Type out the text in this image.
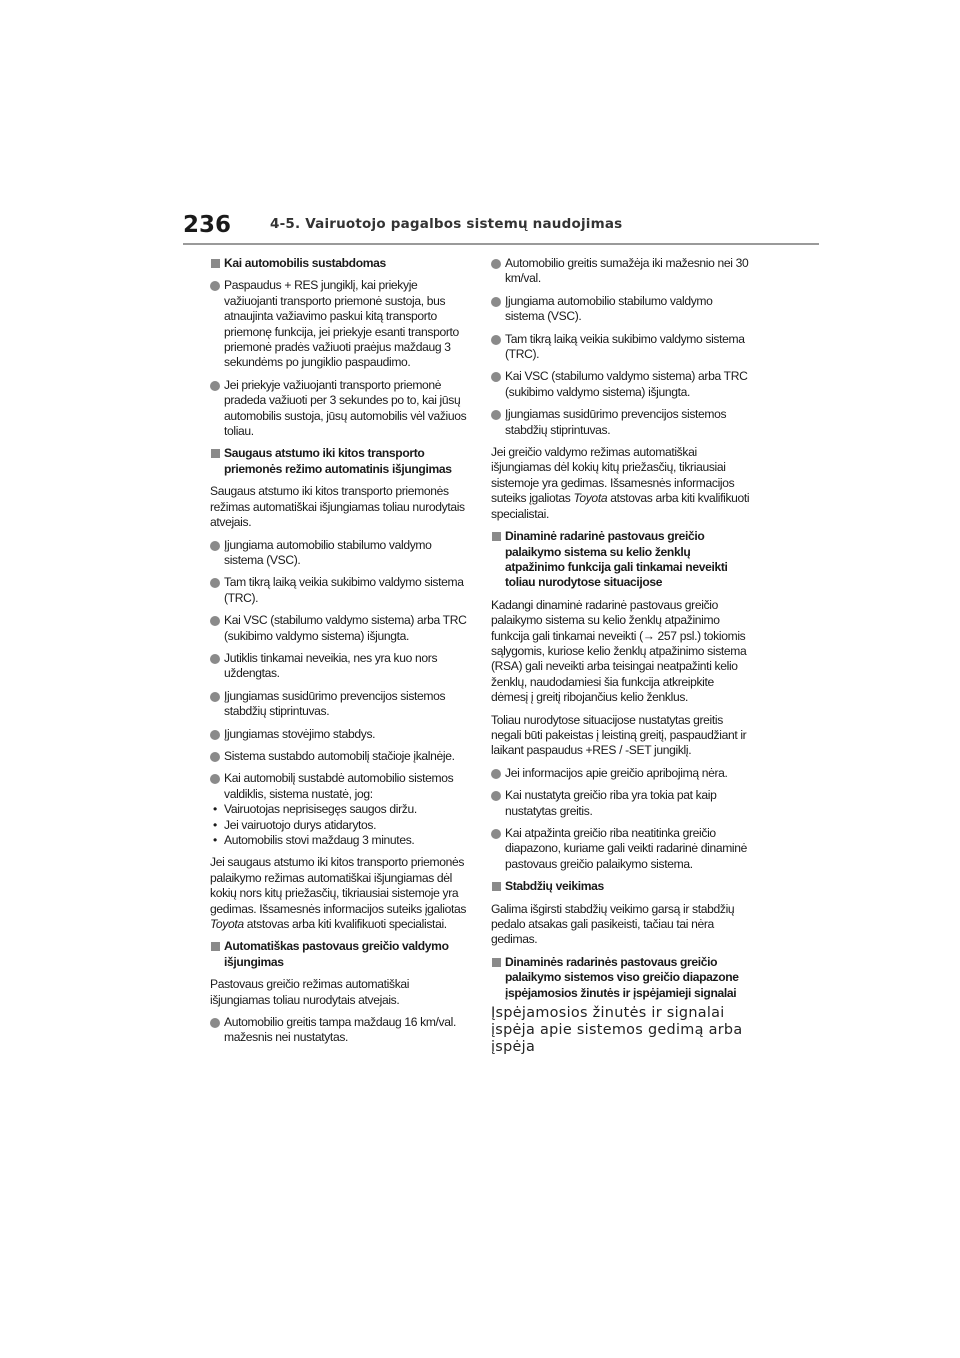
236	4-5. Vairuotojo pagalbos sistemų naudojimas
Kai automobilis sustabdomas
Paspaudus + RES jungiklį, kai priekyje važiuojanti transporto priemonė sustoja, bus atnaujinta važiavimo paskui kitą transporto priemonę funkcija, jei priekyje esanti transporto priemonė pradės važiuoti praėjus maždaug 3 sekundėms po jungiklio paspaudimo.
Jei priekyje važiuojanti transporto priemonė pradeda važiuoti per 3 sekundes po to, kai jūsų automobilis sustoja, jūsų automobilis vėl važiuos toliau.
Saugaus atstumo iki kitos transporto priemonės režimo automatinis išjungimas
Saugaus atstumo iki kitos transporto priemonės režimas automatiškai išjungiamas toliau nurodytais atvejais.
Įjungiama automobilio stabilumo valdymo sistema (VSC).
Tam tikrą laiką veikia sukibimo valdymo sistema (TRC).
Kai VSC (stabilumo valdymo sistema) arba TRC (sukibimo valdymo sistema) išjungta.
Jutiklis tinkamai neveikia, nes yra kuo nors uždengtas.
Įjungiamas susidūrimo prevencijos sistemos stabdžių stiprintuvas.
Įjungiamas stovėjimo stabdys.
Sistema sustabdo automobilį stačioje įkalnėje.
Kai automobilį sustabdė automobilio sistemos valdiklis, sistema nustatė, jog:
• Vairuotojas neprisisegęs saugos diržu.
• Jei vairuotojo durys atidarytos.
• Automobilis stovi maždaug 3 minutes.
Jei saugaus atstumo iki kitos transporto priemonės palaikymo režimas automatiškai išjungiamas dėl kokių nors kitų priežasčių, tikriausiai sistemoje yra gedimas. Išsamesnės informacijos suteiks įgaliotas Toyota atstovas arba kiti kvalifikuoti specialistai.
Automatiškas pastovaus greičio valdymo išjungimas
Pastovaus greičio režimas automatiškai išjungiamas toliau nurodytais atvejais.
Automobilio greitis tampa maždaug 16 km/val. mažesnis nei nustatytas.
Automobilio greitis sumažėja iki mažesnio nei 30 km/val.
Įjungiama automobilio stabilumo valdymo sistema (VSC).
Tam tikrą laiką veikia sukibimo valdymo sistema (TRC).
Kai VSC (stabilumo valdymo sistema) arba TRC (sukibimo valdymo sistema) išjungta.
Įjungiamas susidūrimo prevencijos sistemos stabdžių stiprintuvas.
Jei greičio valdymo režimas automatiškai išjungiamas dėl kokių kitų priežasčių, tikriausiai sistemoje yra gedimas. Išsamesnės informacijos suteiks įgaliotas Toyota atstovas arba kiti kvalifikuoti specialistai.
Dinaminė radarinė pastovaus greičio palaikymo sistema su kelio ženklų atpažinimo funkcija gali tinkamai neveikti toliau nurodytose situacijose
Kadangi dinaminė radarinė pastovaus greičio palaikymo sistema su kelio ženklų atpažinimo funkcija gali tinkamai neveikti (→ 257 psl.) tokiomis sąlygomis, kuriose kelio ženklų atpažinimo sistema (RSA) gali neveikti arba teisingai neatpažinti kelio ženklų, naudodamiesi šia funkcija atkreipkite dėmesį į greitį ribojančius kelio ženklus.
Toliau nurodytose situacijose nustatytas greitis negali būti pakeistas į leistiną greitį, paspaudžiant ir laikant paspaudus +RES / -SET jungiklį.
Jei informacijos apie greičio apribojimą nėra.
Kai nustatyta greičio riba yra tokia pat kaip nustatytas greitis.
Kai atpažinta greičio riba neatitinka greičio diapazono, kuriame gali veikti radarinė dinaminė pastovaus greičio palaikymo sistema.
Stabdžių veikimas
Galima išgirsti stabdžių veikimo garsą ir stabdžių pedalo atsakas gali pasikeisti, tačiau tai nėra gedimas.
Dinaminės radarinės pastovaus greičio palaikymo sistemos viso greičio diapazone įspėjamosios žinutės ir įspėjamieji signalai
Įspėjamosios žinutės ir signalai įspėja apie sistemos gedimą arba įspėja
